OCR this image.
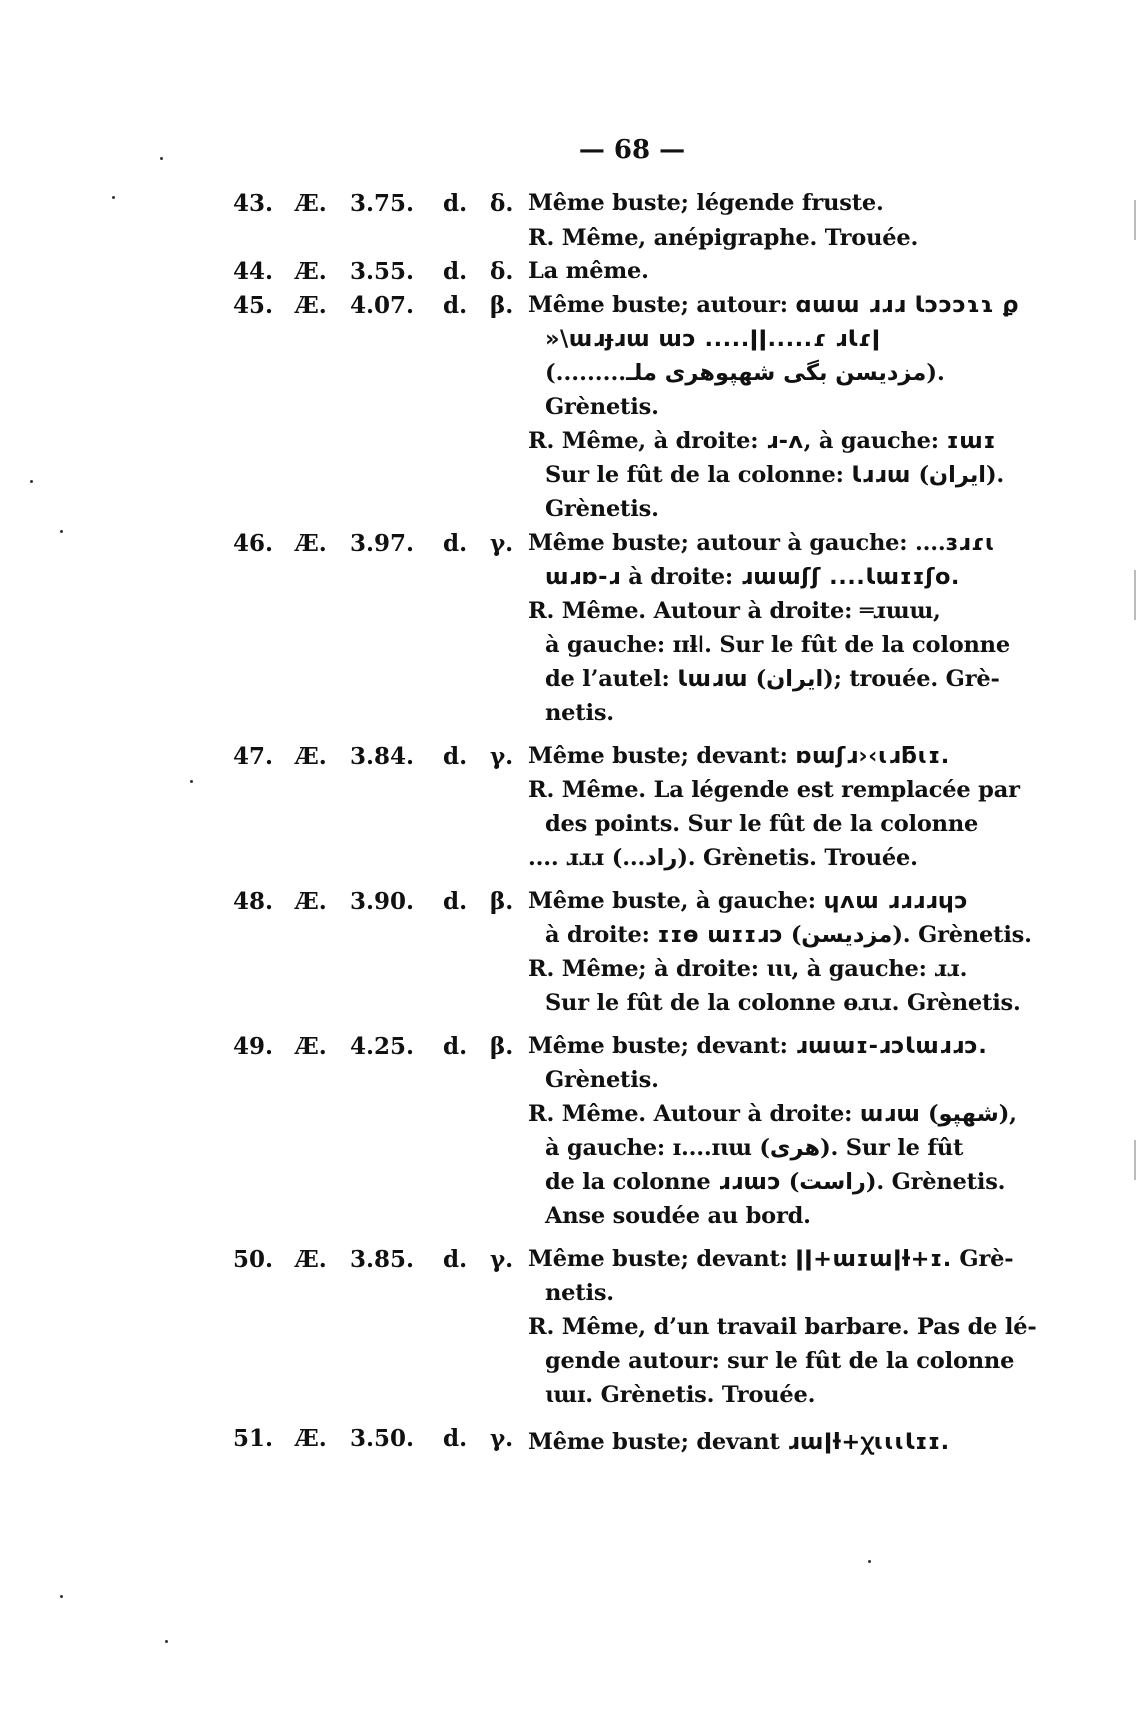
— 68 —
43. Æ. 3.75. d. δ. Même buste; légende fruste.
R. Même, anépigraphe. Trouée.
44. Æ. 3.55. d. δ. La même.
45. Æ. 4.07. d. β. Même buste; autour: ɑɯɯ ɹɹɹ Ɩɔɔɔɿɿ ϼ
»\ɯɹɟɹɯ ɯɔ .....ǀǀ.....ɾ ɹƖɾǀ
(.........مزديسن بگی شهپوهری ملـ).
Grènetis.
R. Même, à droite: ɹ-ʌ, à gauche: ɪɯɪ
Sur le fût de la colonne: Ɩɹɹɯ (ايران).
Grènetis.
46. Æ. 3.97. d. γ. Même buste; autour à gauche: ....ɜɹɾɩ
ɯɹɒ-ɹ à droite: ɹɯɯʃʃ ....Ɩɯɪɪʃo.
R. Même. Autour à droite: ═ɹɯɯ,
à gauche: ɪɪƚǀ. Sur le fût de la colonne
de l’autel: Ɩɯɹɯ (ايران); trouée. Grè-
netis.
47. Æ. 3.84. d. γ. Même buste; devant: ɒɯʃɹ›‹ɩɹƃɩɪ.
R. Même. La légende est remplacée par
des points. Sur le fût de la colonne
.... ɹɹɹ (...راد). Grènetis. Trouée.
48. Æ. 3.90. d. β. Même buste, à gauche: ɥʌɯ ɹɹɹɹɥɔ
à droite: ɪɪɵ ɯɪɪɹɔ (مزدیسن). Grènetis.
R. Même; à droite: ɩɩɩ, à gauche: ɹɹ.
Sur le fût de la colonne ɵɹɩɹ. Grènetis.
49. Æ. 4.25. d. β. Même buste; devant: ɹɯɯɪ-ɹɔƖɯɹɹɔ.
Grènetis.
R. Même. Autour à droite: ɯɹɯ (شهپو),
à gauche: ɪ....ɪɩɯ (هری). Sur le fût
de la colonne ɹɹɯɔ (راست). Grènetis.
Anse soudée au bord.
50. Æ. 3.85. d. γ. Même buste; devant: ǀǀ+ɯɪɯǀƚ+ɪ. Grè-
netis.
R. Même, d’un travail barbare. Pas de lé-
gende autour: sur le fût de la colonne
ɩɯɪ. Grènetis. Trouée.
51. Æ. 3.50. d. γ. Même buste; devant ɹɯǀƚ+ꭓɩɩɩƖɪɪ.
